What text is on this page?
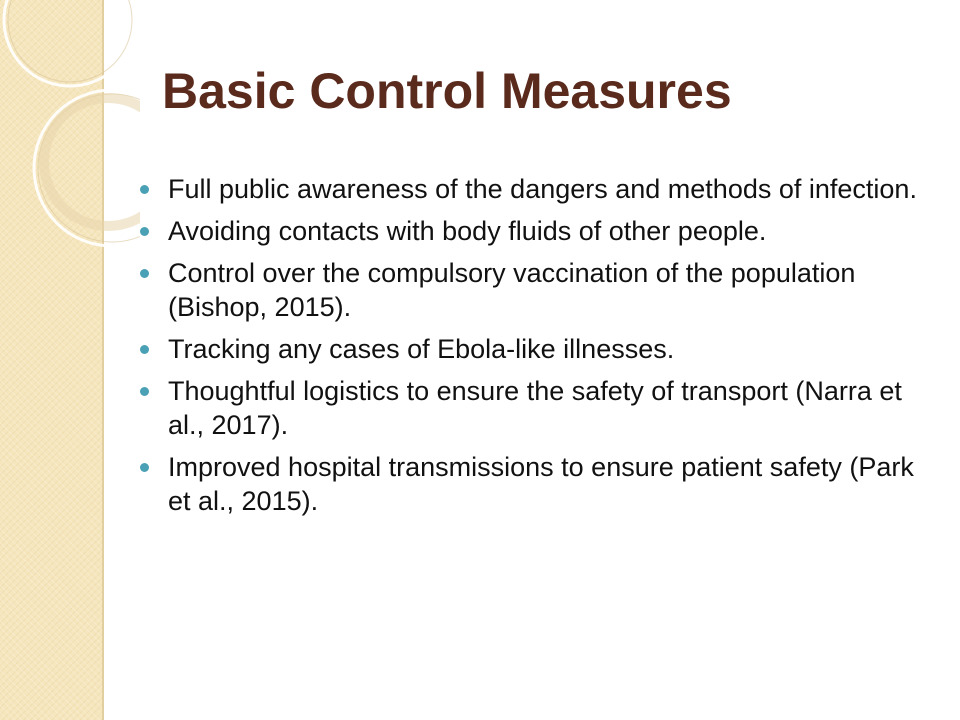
Basic Control Measures
Full public awareness of the dangers and methods of infection.
Avoiding contacts with body fluids of other people.
Control over the compulsory vaccination of the population (Bishop, 2015).
Tracking any cases of Ebola-like illnesses.
Thoughtful logistics to ensure the safety of transport (Narra et al., 2017).
Improved hospital transmissions to ensure patient safety (Park et al., 2015).
